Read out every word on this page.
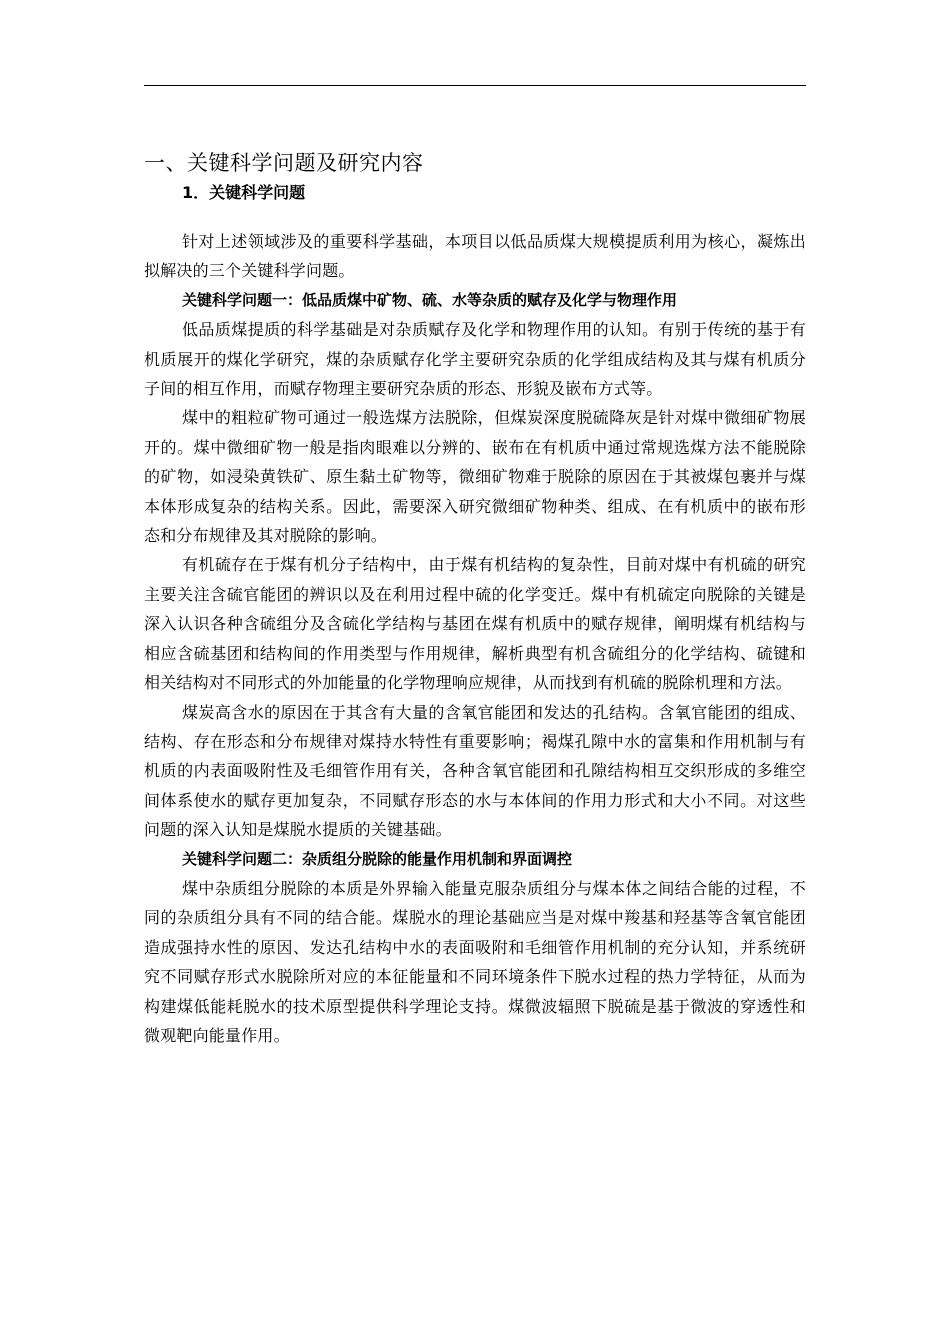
一、关键科学问题及研究内容
1．关键科学问题

针对上述领域涉及的重要科学基础，本项目以低品质煤大规模提质利用为核心，凝炼出拟解决的三个关键科学问题。

关键科学问题一：低品质煤中矿物、硫、水等杂质的赋存及化学与物理作用

低品质煤提质的科学基础是对杂质赋存及化学和物理作用的认知。有别于传统的基于有机质展开的煤化学研究，煤的杂质赋存化学主要研究杂质的化学组成结构及其与煤有机质分子间的相互作用，而赋存物理主要研究杂质的形态、形貌及嵌布方式等。

煤中的粗粒矿物可通过一般选煤方法脱除，但煤炭深度脱硫降灰是针对煤中微细矿物展开的。煤中微细矿物一般是指肉眼难以分辨的、嵌布在有机质中通过常规选煤方法不能脱除的矿物，如浸染黄铁矿、原生黏土矿物等，微细矿物难于脱除的原因在于其被煤包裹并与煤本体形成复杂的结构关系。因此，需要深入研究微细矿物种类、组成、在有机质中的嵌布形态和分布规律及其对脱除的影响。

有机硫存在于煤有机分子结构中，由于煤有机结构的复杂性，目前对煤中有机硫的研究主要关注含硫官能团的辨识以及在利用过程中硫的化学变迁。煤中有机硫定向脱除的关键是深入认识各种含硫组分及含硫化学结构与基团在煤有机质中的赋存规律，阐明煤有机结构与相应含硫基团和结构间的作用类型与作用规律，解析典型有机含硫组分的化学结构、硫键和相关结构对不同形式的外加能量的化学物理响应规律，从而找到有机硫的脱除机理和方法。

煤炭高含水的原因在于其含有大量的含氧官能团和发达的孔结构。含氧官能团的组成、结构、存在形态和分布规律对煤持水特性有重要影响；褐煤孔隙中水的富集和作用机制与有机质的内表面吸附性及毛细管作用有关，各种含氧官能团和孔隙结构相互交织形成的多维空间体系使水的赋存更加复杂，不同赋存形态的水与本体间的作用力形式和大小不同。对这些问题的深入认知是煤脱水提质的关键基础。

关键科学问题二：杂质组分脱除的能量作用机制和界面调控

煤中杂质组分脱除的本质是外界输入能量克服杂质组分与煤本体之间结合能的过程，不同的杂质组分具有不同的结合能。煤脱水的理论基础应当是对煤中羧基和羟基等含氧官能团造成强持水性的原因、发达孔结构中水的表面吸附和毛细管作用机制的充分认知，并系统研究不同赋存形式水脱除所对应的本征能量和不同环境条件下脱水过程的热力学特征，从而为构建煤低能耗脱水的技术原型提供科学理论支持。煤微波辐照下脱硫是基于微波的穿透性和微观靶向能量作用。
